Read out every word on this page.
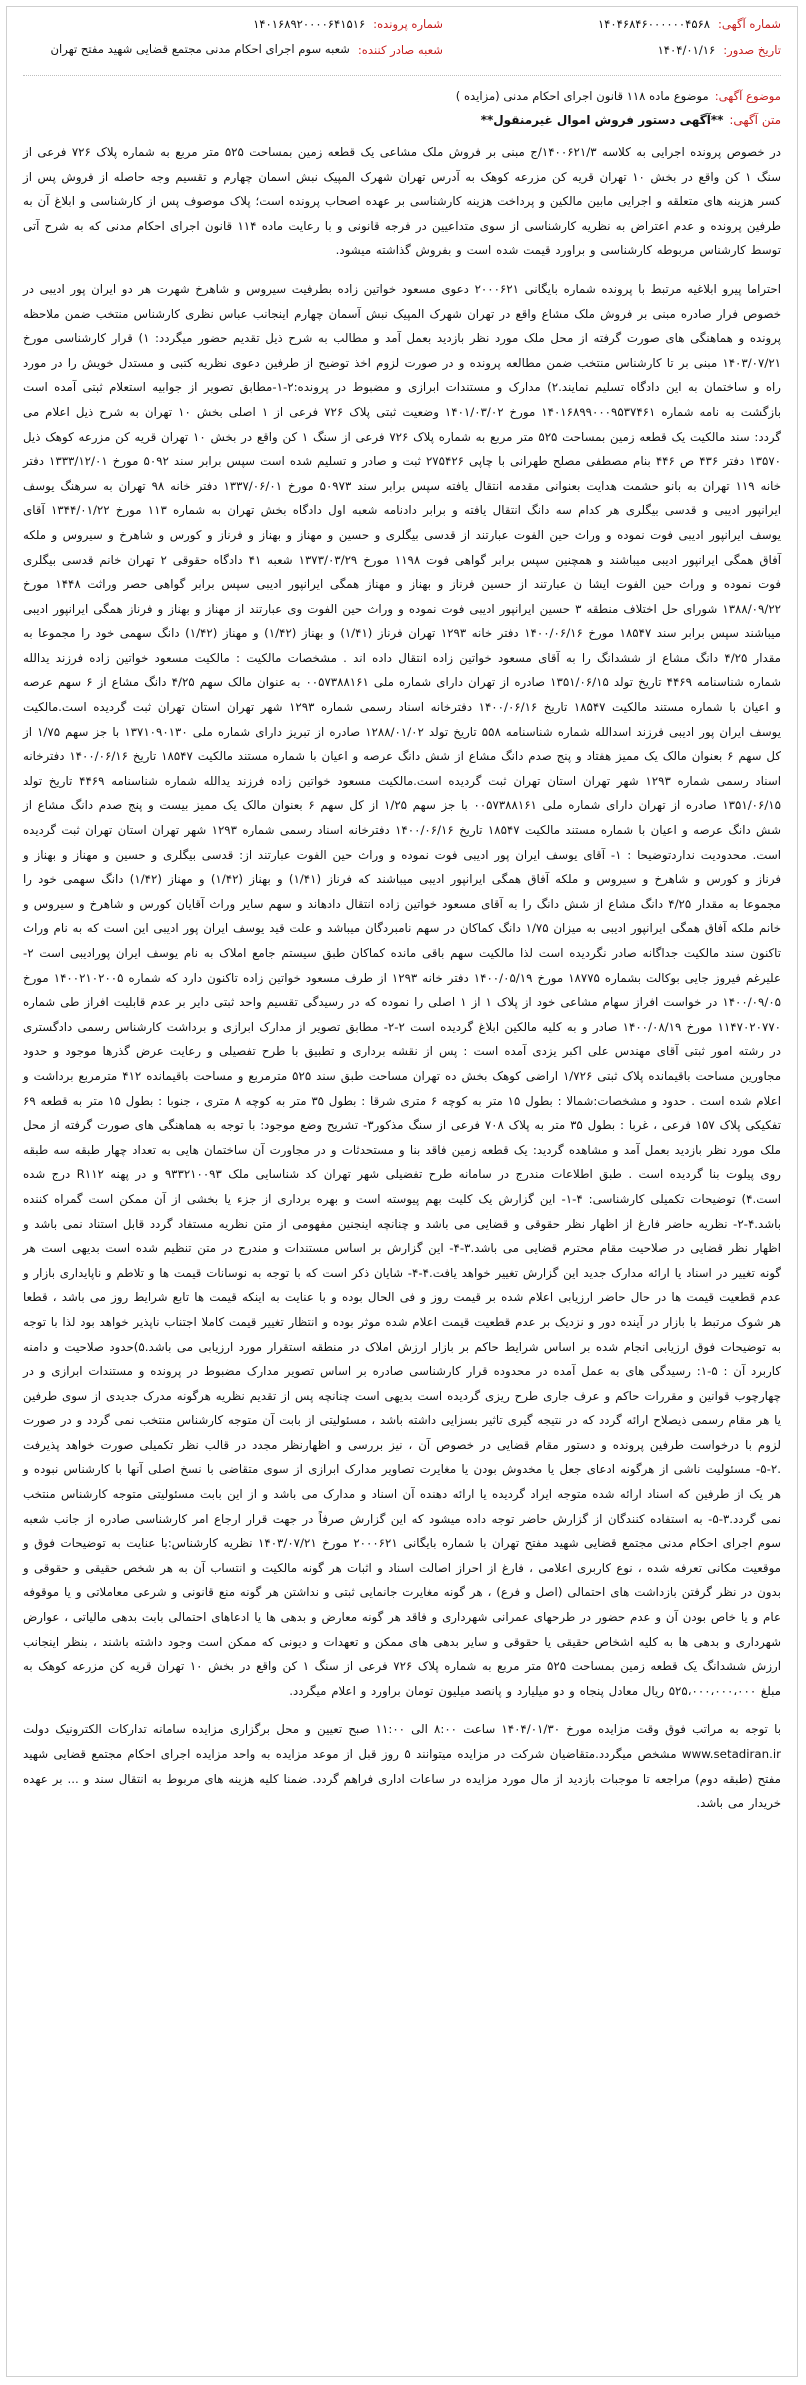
شماره آگهی:
۱۴۰۴۶۸۴۶۰۰۰۰۰۰۴۵۶۸
شماره پرونده:
۱۴۰۱۶۸۹۲۰۰۰۰۶۴۱۵۱۶
تاریخ صدور:
۱۴۰۴/۰۱/۱۶
شعبه صادر کننده:
شعبه سوم اجرای احکام مدنی مجتمع قضایی شهید مفتح تهران
موضوع آگهی:
موضوع ماده ۱۱۸ قانون اجرای احکام مدنی (مزایده )
متن آگهی:
**آگهی دستور فروش اموال غیرمنقول**

در خصوص پرونده اجرایی به کلاسه ۱۴۰۰۶۲۱/۳/ج مبنی بر فروش ملک مشاعی یک قطعه زمین بمساحت ۵۲۵ متر مربع به شماره پلاک ۷۲۶ فرعی از سنگ ۱ کن واقع در بخش ۱۰ تهران قریه کن مزرعه کوهک به آدرس تهران شهرک المپیک نبش اسمان چهارم و تقسیم وجه حاصله از فروش پس از کسر هزینه های متعلقه و اجرایی مابین مالکین و پرداخت هزینه کارشناسی بر عهده اصحاب پرونده است؛ پلاک موصوف پس از کارشناسی و ابلاغ آن به طرفین پرونده و عدم اعتراض به نظریه کارشناسی از سوی متداعیین در فرجه قانونی و با رعایت ماده ۱۱۴ قانون اجرای احکام مدنی که به شرح آتی توسط کارشناس مربوطه کارشناسی و براورد قیمت شده است و بفروش گذاشته میشود.

احتراما پیرو ابلاغیه مرتبط با پرونده شماره بایگانی ۲۰۰۰۶۲۱ دعوی مسعود خواتین زاده بطرفیت سیروس و شاهرخ شهرت هر دو ایران پور ادیبی در خصوص فرار صادره مبنی بر فروش ملک مشاع واقع در تهران شهرک المپیک نبش آسمان چهارم اینجانب عباس نظری کارشناس منتخب ضمن ملاحظه پرونده و هماهنگی های صورت گرفته از محل ملک مورد نظر بازدید بعمل آمد و مطالب به شرح ذیل تقدیم حضور میگردد: ۱) قرار کارشناسی مورخ ۱۴۰۳/۰۷/۲۱ مبنی بر تا کارشناس منتخب ضمن مطالعه پرونده و در صورت لزوم اخذ توضیح از طرفین دعوی نظریه کتبی و مستدل خویش را در مورد راه و ساختمان به این دادگاه تسلیم نمایند.۲) مدارک و مستندات ابرازی و مضبوط در پرونده:۲-۱-مطابق تصویر از جوابیه استعلام ثبتی آمده است بازگشت به نامه شماره ۱۴۰۱۶۸۹۹۰۰۰۹۵۳۷۴۶۱ مورخ ۱۴۰۱/۰۳/۰۲ وضعیت ثبتی پلاک ۷۲۶ فرعی از ۱ اصلی بخش ۱۰ تهران به شرح ذیل اعلام می گردد: سند مالکیت یک قطعه زمین بمساحت ۵۲۵ متر مربع به شماره پلاک ۷۲۶ فرعی از سنگ ۱ کن واقع در بخش ۱۰ تهران قریه کن مزرعه کوهک ذیل ۱۳۵۷۰ دفتر ۴۳۶ ص ۴۴۶ بنام مصطفی مصلح طهرانی با چاپی ۲۷۵۴۲۶ ثبت و صادر و تسلیم شده است سپس برابر سند ۵۰۹۲ مورخ ۱۳۳۳/۱۲/۰۱ دفتر خانه ۱۱۹ تهران به بانو حشمت هدایت بعنوانی مقدمه انتقال یافته سپس برابر سند ۵۰۹۷۳ مورخ ۱۳۳۷/۰۶/۰۱ دفتر خانه ۹۸ تهران به سرهنگ یوسف ایرانپور ادیبی و قدسی بیگلری هر کدام سه دانگ انتقال یافته و برابر دادنامه شعبه اول دادگاه بخش تهران به شماره ۱۱۳ مورخ ۱۳۴۴/۰۱/۲۲ آقای یوسف ایرانپور ادیبی فوت نموده و وراث حین الفوت عبارتند از قدسی بیگلری و حسین و مهناز و بهناز و فرناز و کورس و شاهرخ و سیروس و ملکه آفاق همگی ایرانپور ادیبی میباشند و همچنین سپس برابر گواهی فوت ۱۱۹۸ مورخ ۱۳۷۳/۰۳/۲۹ شعبه ۴۱ دادگاه حقوقی ۲ تهران خانم قدسی بیگلری فوت نموده و وراث حین الفوت ایشا ن عبارتند از حسین فرناز و بهناز و مهناز همگی ایرانپور ادیبی سپس برابر گواهی حصر وراثت ۱۴۴۸ مورخ ۱۳۸۸/۰۹/۲۲ شورای حل اختلاف منطقه ۳ حسین ایرانپور ادیبی فوت نموده و وراث حین الفوت وی عبارتند از مهناز و بهناز و فرناز همگی ایرانپور ادیبی میباشند سپس برابر سند ۱۸۵۴۷ مورخ ۱۴۰۰/۰۶/۱۶ دفتر خانه ۱۲۹۳ تهران فرناز (۱/۴۱) و بهناز (۱/۴۲) و مهناز (۱/۴۲) دانگ سهمی خود را مجموعا به مقدار ۴/۲۵ دانگ مشاع از ششدانگ را به آقای مسعود خواتین زاده انتقال داده اند . مشخصات مالکیت : مالکیت مسعود خواتین زاده فرزند یدالله شماره شناسنامه ۴۴۶۹ تاریخ تولد ۱۳۵۱/۰۶/۱۵ صادره از تهران دارای شماره ملی ۰۰۵۷۳۸۸۱۶۱ به عنوان مالک سهم ۴/۲۵ دانگ مشاع از ۶ سهم عرصه و اعیان با شماره مستند مالکیت ۱۸۵۴۷ تاریخ ۱۴۰۰/۰۶/۱۶ دفترخانه اسناد رسمی شماره ۱۲۹۳ شهر تهران استان تهران ثبت گردیده است.مالکیت یوسف ایران پور ادیبی فرزند اسدالله شماره شناسنامه ۵۵۸ تاریخ تولد ۱۲۸۸/۰۱/۰۲ صادره از تبریز دارای شماره ملی ۱۳۷۱۰۹۰۱۳۰ با جز سهم ۱/۷۵ از کل سهم ۶ بعنوان مالک یک ممیز هفتاد و پنج صدم دانگ مشاع از شش دانگ عرصه و اعیان با شماره مستند مالکیت ۱۸۵۴۷ تاریخ ۱۴۰۰/۰۶/۱۶ دفترخانه اسناد رسمی شماره ۱۲۹۳ شهر تهران استان تهران ثبت گردیده است.مالکیت مسعود خواتین زاده فرزند یدالله شماره شناسنامه ۴۴۶۹ تاریخ تولد ۱۳۵۱/۰۶/۱۵ صادره از تهران دارای شماره ملی ۰۰۵۷۳۸۸۱۶۱ با جز سهم ۱/۲۵ از کل سهم ۶ بعنوان مالک یک ممیز بیست و پنج صدم دانگ مشاع از شش دانگ عرصه و اعیان با شماره مستند مالکیت ۱۸۵۴۷ تاریخ ۱۴۰۰/۰۶/۱۶ دفترخانه اسناد رسمی شماره ۱۲۹۳ شهر تهران استان تهران ثبت گردیده است. محدودیت نداردتوضیحا : ۱- آقای یوسف ایران پور ادیبی فوت نموده و وراث حین الفوت عبارتند از: قدسی بیگلری و حسین و مهناز و بهناز و فرناز و کورس و شاهرخ و سیروس و ملکه آفاق همگی ایرانپور ادیبی میباشند که فرناز (۱/۴۱) و بهناز (۱/۴۲) و مهناز (۱/۴۲) دانگ سهمی خود را مجموعا به مقدار ۴/۲۵ دانگ مشاع از شش دانگ را به آقای مسعود خواتین زاده انتقال دادهاند و سهم سایر وراث آقایان کورس و شاهرخ و سیروس و خانم ملکه آفاق همگی ایرانپور ادیبی به میزان ۱/۷۵ دانگ کماکان در سهم نامبردگان میباشد و علت قید یوسف ایران پور ادیبی این است که به نام وراث تاکنون سند مالکیت جداگانه صادر نگردیده است لذا مالکیت سهم باقی مانده کماکان طبق سیستم جامع املاک به نام یوسف ایران پورادیبی است ۲- علیرغم فیروز جایی بوکالت بشماره ۱۸۷۷۵ مورخ ۱۴۰۰/۰۵/۱۹ دفتر خانه ۱۲۹۳ از طرف مسعود خواتین زاده تاکنون دارد که شماره ۱۴۰۰۲۱۰۲۰۰۵ مورخ ۱۴۰۰/۰۹/۰۵ در خواست افراز سهام مشاعی خود از پلاک ۱ از ۱ اصلی را نموده که در رسیدگی تقسیم واحد ثبتی دایر بر عدم قابلیت افراز طی شماره ۱۱۴۷۰۲۰۷۷۰ مورخ ۱۴۰۰/۰۸/۱۹ صادر و به کلیه مالکین ابلاغ گردیده است ۲-۲- مطابق تصویر از مدارک ابرازی و برداشت کارشناس رسمی دادگستری در رشته امور ثبتی آقای مهندس علی اکبر یزدی آمده است : پس از نقشه برداری و تطبیق با طرح تفصیلی و رعایت عرض گذرها موجود و حدود مجاورین مساحت باقیمانده پلاک ثبتی ۱/۷۲۶ اراضی کوهک بخش ده تهران مساحت طبق سند ۵۲۵ مترمربع و مساحت باقیمانده ۴۱۲ مترمربع برداشت و اعلام شده است . حدود و مشخصات:شمالا : بطول ۱۵ متر به کوچه ۶ متری شرقا : بطول ۳۵ متر به کوچه ۸ متری ، جنوبا : بطول ۱۵ متر به قطعه ۶۹ تفکیکی پلاک ۱۵۷ فرعی ، غربا : بطول ۳۵ متر به پلاک ۷۰۸ فرعی از سنگ مذکور۳- تشریح وضع موجود: با توجه به هماهنگی های صورت گرفته از محل ملک مورد نظر بازدید بعمل آمد و مشاهده گردید: یک قطعه زمین فاقد بنا و مستحدثات و در مجاورت آن ساختمان هایی به تعداد چهار طبقه سه طبقه روی پیلوت بنا گردیده است . طبق اطلاعات مندرج در سامانه طرح تفضیلی شهر تهران کد شناسایی ملک ۹۳۳۲۱۰۰۹۳ و در پهنه R۱۱۲ درج شده است.۴) توضیحات تکمیلی کارشناسی: ۴-۱- این گزارش یک کلیت بهم پیوسته است و بهره برداری از جزء یا بخشی از آن ممکن است گمراه کننده باشد.۴-۲- نظریه حاضر فارغ از اظهار نظر حقوقی و قضایی می باشد و چنانچه اینجنین مفهومی از متن نظریه مستفاد گردد قابل استناد نمی باشد و اظهار نظر قضایی در صلاحیت مقام محترم قضایی می باشد.۳-۴- این گزارش بر اساس مستندات و مندرج در متن تنظیم شده است بدیهی است هر گونه تغییر در اسناد یا ارائه مدارک جدید این گزارش تغییر خواهد یافت.۴-۴- شایان ذکر است که با توجه به نوسانات قیمت ها و تلاطم و ناپایداری بازار و عدم قطعیت قیمت ها در حال حاضر ارزیابی اعلام شده بر قیمت روز و فی الحال بوده و با عنایت به اینکه قیمت ها تابع شرایط روز می باشد ، قطعا هر شوک مرتبط با بازار در آینده دور و نزدیک بر عدم قطعیت قیمت اعلام شده موثر بوده و انتظار تغییر قیمت کاملا اجتناب ناپذیر خواهد بود لذا با توجه به توضیحات فوق ارزیابی انجام شده بر اساس شرایط حاکم بر بازار ارزش املاک در منطقه استقرار مورد ارزیابی می باشد.۵)حدود صلاحیت و دامنه کاربرد آن : ۵-۱: رسیدگی های به عمل آمده در محدوده قرار کارشناسی صادره بر اساس تصویر مدارک مضبوط در پرونده و مستندات ابرازی و در چهارچوب قوانین و مقررات حاکم و عرف جاری طرح ریزی گردیده است بدیهی است چنانچه پس از تقدیم نظریه هرگونه مدرک جدیدی از سوی طرفین یا هر مقام رسمی ذیصلاح ارائه گردد که در نتیجه گیری تاثیر بسزایی داشته باشد ، مسئولیتی از بابت آن متوجه کارشناس منتخب نمی گردد و در صورت لزوم با درخواست طرفین پرونده و دستور مقام قضایی در خصوص آن ، نیز بررسی و اظهارنظر مجدد در قالب نظر تکمیلی صورت خواهد پذیرفت .۲-۵- مسئولیت ناشی از هرگونه ادعای جعل یا مخدوش بودن یا مغایرت تصاویر مدارک ابرازی از سوی متقاضی با نسخ اصلی آنها با کارشناس نبوده و هر یک از طرفین که اسناد ارائه شده متوجه ایراد گردیده یا ارائه دهنده آن اسناد و مدارک می باشد و از این بابت مسئولیتی متوجه کارشناس منتخب نمی گردد.۳-۵- به استفاده کنندگان از گزارش حاضر توجه داده میشود که این گزارش صرفاً در جهت قرار ارجاع امر کارشناسی صادره از جانب شعبه سوم اجرای احکام مدنی مجتمع قضایی شهید مفتح تهران با شماره بایگانی ۲۰۰۰۶۲۱ مورخ ۱۴۰۳/۰۷/۲۱ نظریه کارشناس:با عنایت به توضیحات فوق و موقعیت مکانی تعرفه شده ، نوع کاربری اعلامی ، فارغ از احراز اصالت اسناد و اثبات هر گونه مالکیت و انتساب آن به هر شخص حقیقی و حقوقی و بدون در نظر گرفتن بازداشت های احتمالی (اصل و فرع) ، هر گونه مغایرت جانمایی ثبتی و نداشتن هر گونه منع قانونی و شرعی معاملاتی و یا موقوفه عام و یا خاص بودن آن و عدم حضور در طرحهای عمرانی شهرداری و فاقد هر گونه معارض و بدهی ها یا ادعاهای احتمالی بابت بدهی مالیاتی ، عوارض شهرداری و بدهی ها به کلیه اشخاص حقیقی یا حقوقی و سایر بدهی های ممکن و تعهدات و دیونی که ممکن است وجود داشته باشند ، بنظر اینجانب ارزش ششدانگ یک قطعه زمین بمساحت ۵۲۵ متر مربع به شماره پلاک ۷۲۶ فرعی از سنگ ۱ کن واقع در بخش ۱۰ تهران قریه کن مزرعه کوهک به مبلغ ۵۲۵،۰۰۰،۰۰۰،۰۰۰ ریال معادل پنجاه و دو میلیارد و پانصد میلیون تومان براورد و اعلام میگردد.

با توجه به مراتب فوق وقت مزایده مورخ ۱۴۰۴/۰۱/۳۰ ساعت ۸:۰۰ الی ۱۱:۰۰ صبح تعیین و محل برگزاری مزایده سامانه تدارکات الکترونیک دولت www.setadiran.ir مشخص میگردد.متقاضیان شرکت در مزایده میتوانند ۵ روز قبل از موعد مزایده به واحد مزایده اجرای احکام مجتمع قضایی شهید مفتح (طبقه دوم) مراجعه تا موجبات بازدید از مال مورد مزایده در ساعات اداری فراهم گردد. ضمنا کلیه هزینه های مربوط به انتقال سند و ... بر عهده خریدار می باشد.
